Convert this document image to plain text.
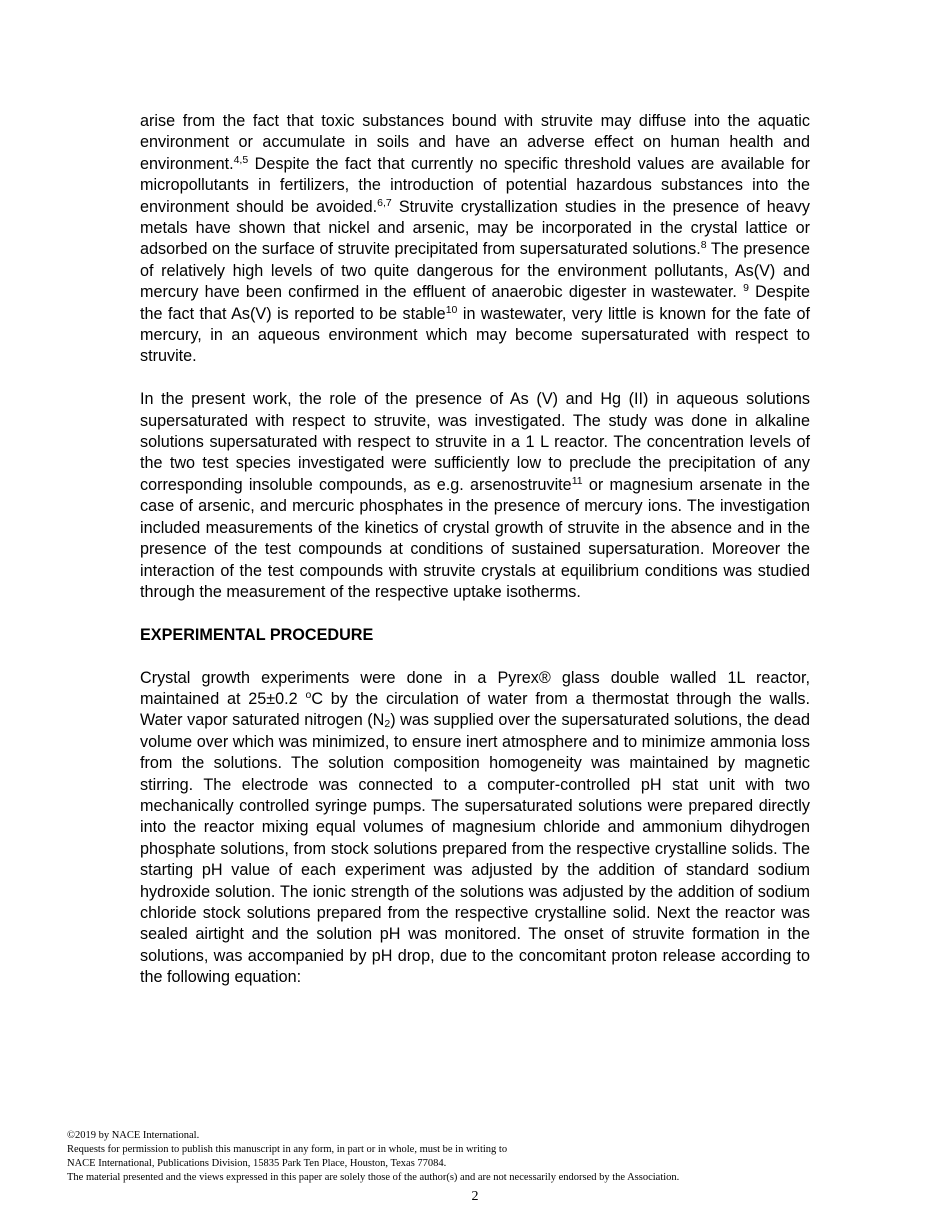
arise from the fact that toxic substances bound with struvite may diffuse into the aquatic environment or accumulate in soils and have an adverse effect on human health and environment.$^{4,5}$ Despite the fact that currently no specific threshold values are available for micropollutants in fertilizers, the introduction of potential hazardous substances into the environment should be avoided.$^{6,7}$ Struvite crystallization studies in the presence of heavy metals have shown that nickel and arsenic, may be incorporated in the crystal lattice or adsorbed on the surface of struvite precipitated from supersaturated solutions.$^8$ The presence of relatively high levels of two quite dangerous for the environment pollutants, As(V) and mercury have been confirmed in the effluent of anaerobic digester in wastewater. $^9$ Despite the fact that As(V) is reported to be stable$^{10}$ in wastewater, very little is known for the fate of mercury, in an aqueous environment which may become supersaturated with respect to struvite.

In the present work, the role of the presence of As (V) and Hg (II) in aqueous solutions supersaturated with respect to struvite, was investigated. The study was done in alkaline solutions supersaturated with respect to struvite in a 1 L reactor. The concentration levels of the two test species investigated were sufficiently low to preclude the precipitation of any corresponding insoluble compounds, as e.g. arsenostruvite$^{11}$ or magnesium arsenate in the case of arsenic, and mercuric phosphates in the presence of mercury ions. The investigation included measurements of the kinetics of crystal growth of struvite in the absence and in the presence of the test compounds at conditions of sustained supersaturation. Moreover the interaction of the test compounds with struvite crystals at equilibrium conditions was studied through the measurement of the respective uptake isotherms.

EXPERIMENTAL PROCEDURE

Crystal growth experiments were done in a Pyrex® glass double walled 1L reactor, maintained at 25±0.2 $^o$C by the circulation of water from a thermostat through the walls. Water vapor saturated nitrogen $(N_2)$ was supplied over the supersaturated solutions, the dead volume over which was minimized, to ensure inert atmosphere and to minimize ammonia loss from the solutions. The solution composition homogeneity was maintained by magnetic stirring. The electrode was connected to a computer-controlled pH stat unit with two mechanically controlled syringe pumps. The supersaturated solutions were prepared directly into the reactor mixing equal volumes of magnesium chloride and ammonium dihydrogen phosphate solutions, from stock solutions prepared from the respective crystalline solids. The starting pH value of each experiment was adjusted by the addition of standard sodium hydroxide solution. The ionic strength of the solutions was adjusted by the addition of sodium chloride stock solutions prepared from the respective crystalline solid. Next the reactor was sealed airtight and the solution pH was monitored. The onset of struvite formation in the solutions, was accompanied by pH drop, due to the concomitant proton release according to the following equation:

©2019 by NACE International.
Requests for permission to publish this manuscript in any form, in part or in whole, must be in writing to
NACE International, Publications Division, 15835 Park Ten Place, Houston, Texas 77084.
The material presented and the views expressed in this paper are solely those of the author(s) and are not necessarily endorsed by the Association.
2
